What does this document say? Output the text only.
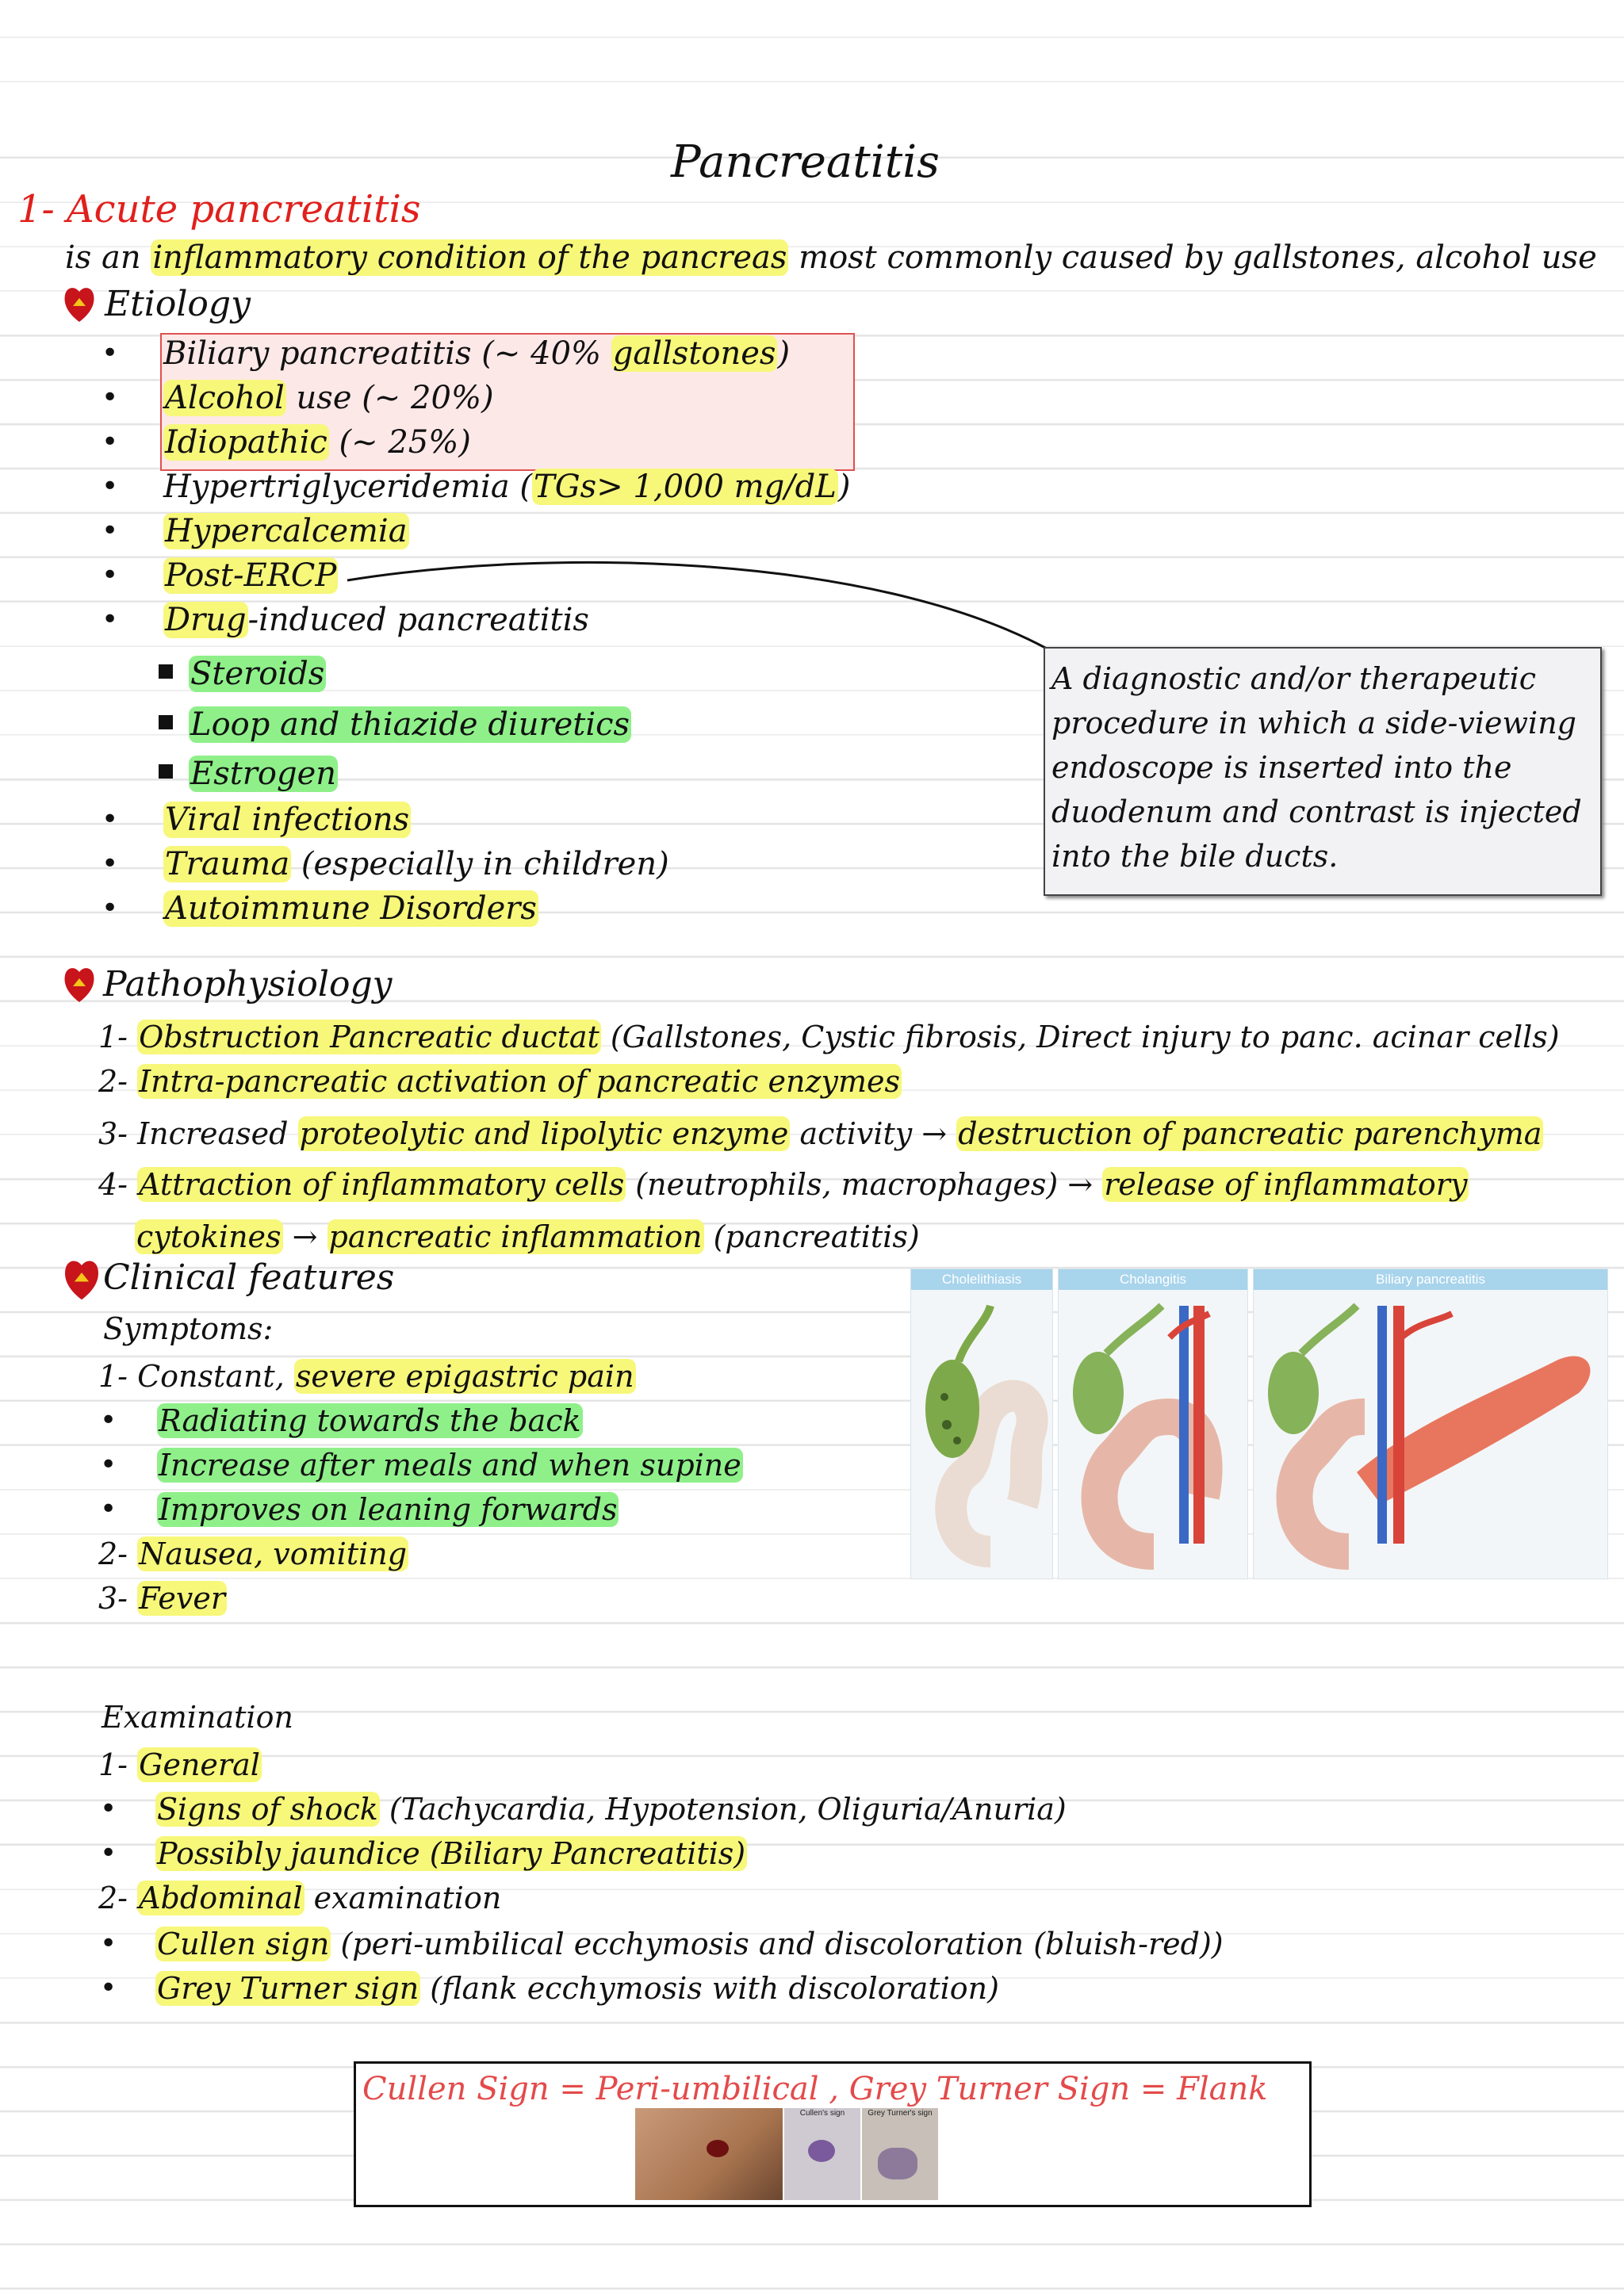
Pancreatitis
1- Acute pancreatitis
is an inflammatory condition of the pancreas most commonly caused by gallstones, alcohol use
Etiology
• Biliary pancreatitis (~ 40% gallstones)
• Alcohol use (~ 20%)
• Idiopathic (~ 25%)
• Hypertriglyceridemia (TGs> 1,000 mg/dL)
• Hypercalcemia
• Post-ERCP
• Drug-induced pancreatitis
Steroids
Loop and thiazide diuretics
Estrogen
• Viral infections
• Trauma (especially in children)
• Autoimmune Disorders
A diagnostic and/or therapeutic
procedure in which a side-viewing
endoscope is inserted into the
duodenum and contrast is injected
into the bile ducts.
Pathophysiology
1- Obstruction Pancreatic ductat (Gallstones, Cystic fibrosis, Direct injury to panc. acinar cells)
2- Intra-pancreatic activation of pancreatic enzymes
3- Increased proteolytic and lipolytic enzyme activity → destruction of pancreatic parenchyma
4- Attraction of inflammatory cells (neutrophils, macrophages) → release of inflammatory
cytokines → pancreatic inflammation (pancreatitis)
Clinical features
Symptoms:
1- Constant, severe epigastric pain
• Radiating towards the back
• Increase after meals and when supine
• Improves on leaning forwards
2- Nausea, vomiting
3- Fever
Cholelithiasis	Cholangitis	Biliary pancreatitis
Examination
1- General
• Signs of shock (Tachycardia, Hypotension, Oliguria/Anuria)
• Possibly jaundice (Biliary Pancreatitis)
2- Abdominal examination
• Cullen sign (peri-umbilical ecchymosis and discoloration (bluish-red))
• Grey Turner sign (flank ecchymosis with discoloration)
Cullen Sign = Peri-umbilical , Grey Turner Sign = Flank
Cullen's sign	Grey Turner's sign
